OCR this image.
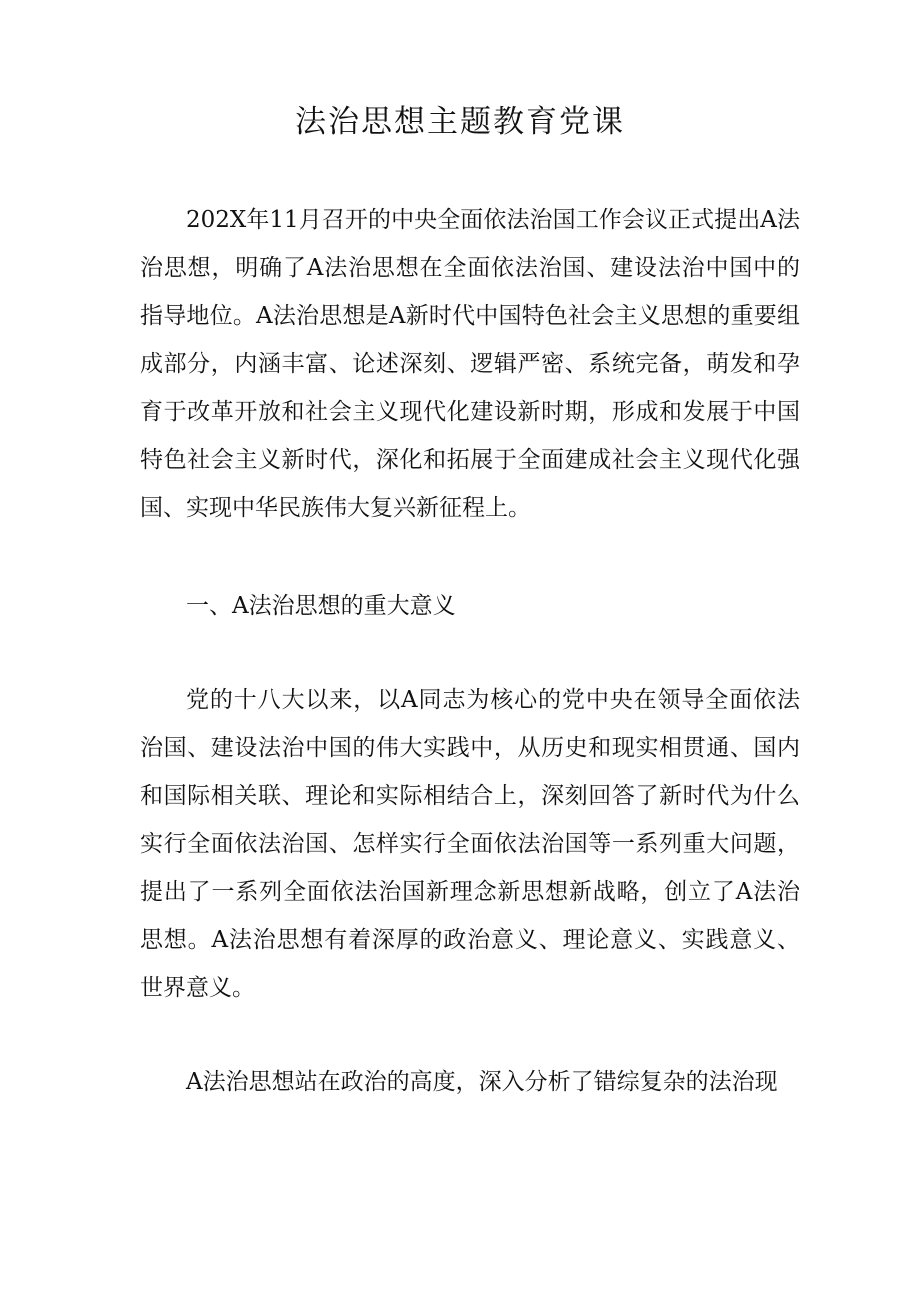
法治思想主题教育党课

202X年11月召开的中央全面依法治国工作会议正式提出A法治思想，明确了A法治思想在全面依法治国、建设法治中国中的指导地位。A法治思想是A新时代中国特色社会主义思想的重要组成部分，内涵丰富、论述深刻、逻辑严密、系统完备，萌发和孕育于改革开放和社会主义现代化建设新时期，形成和发展于中国特色社会主义新时代，深化和拓展于全面建成社会主义现代化强国、实现中华民族伟大复兴新征程上。

一、A法治思想的重大意义

党的十八大以来，以A同志为核心的党中央在领导全面依法治国、建设法治中国的伟大实践中，从历史和现实相贯通、国内和国际相关联、理论和实际相结合上，深刻回答了新时代为什么实行全面依法治国、怎样实行全面依法治国等一系列重大问题，提出了一系列全面依法治国新理念新思想新战略，创立了A法治思想。A法治思想有着深厚的政治意义、理论意义、实践意义、世界意义。

A法治思想站在政治的高度，深入分析了错综复杂的法治现
